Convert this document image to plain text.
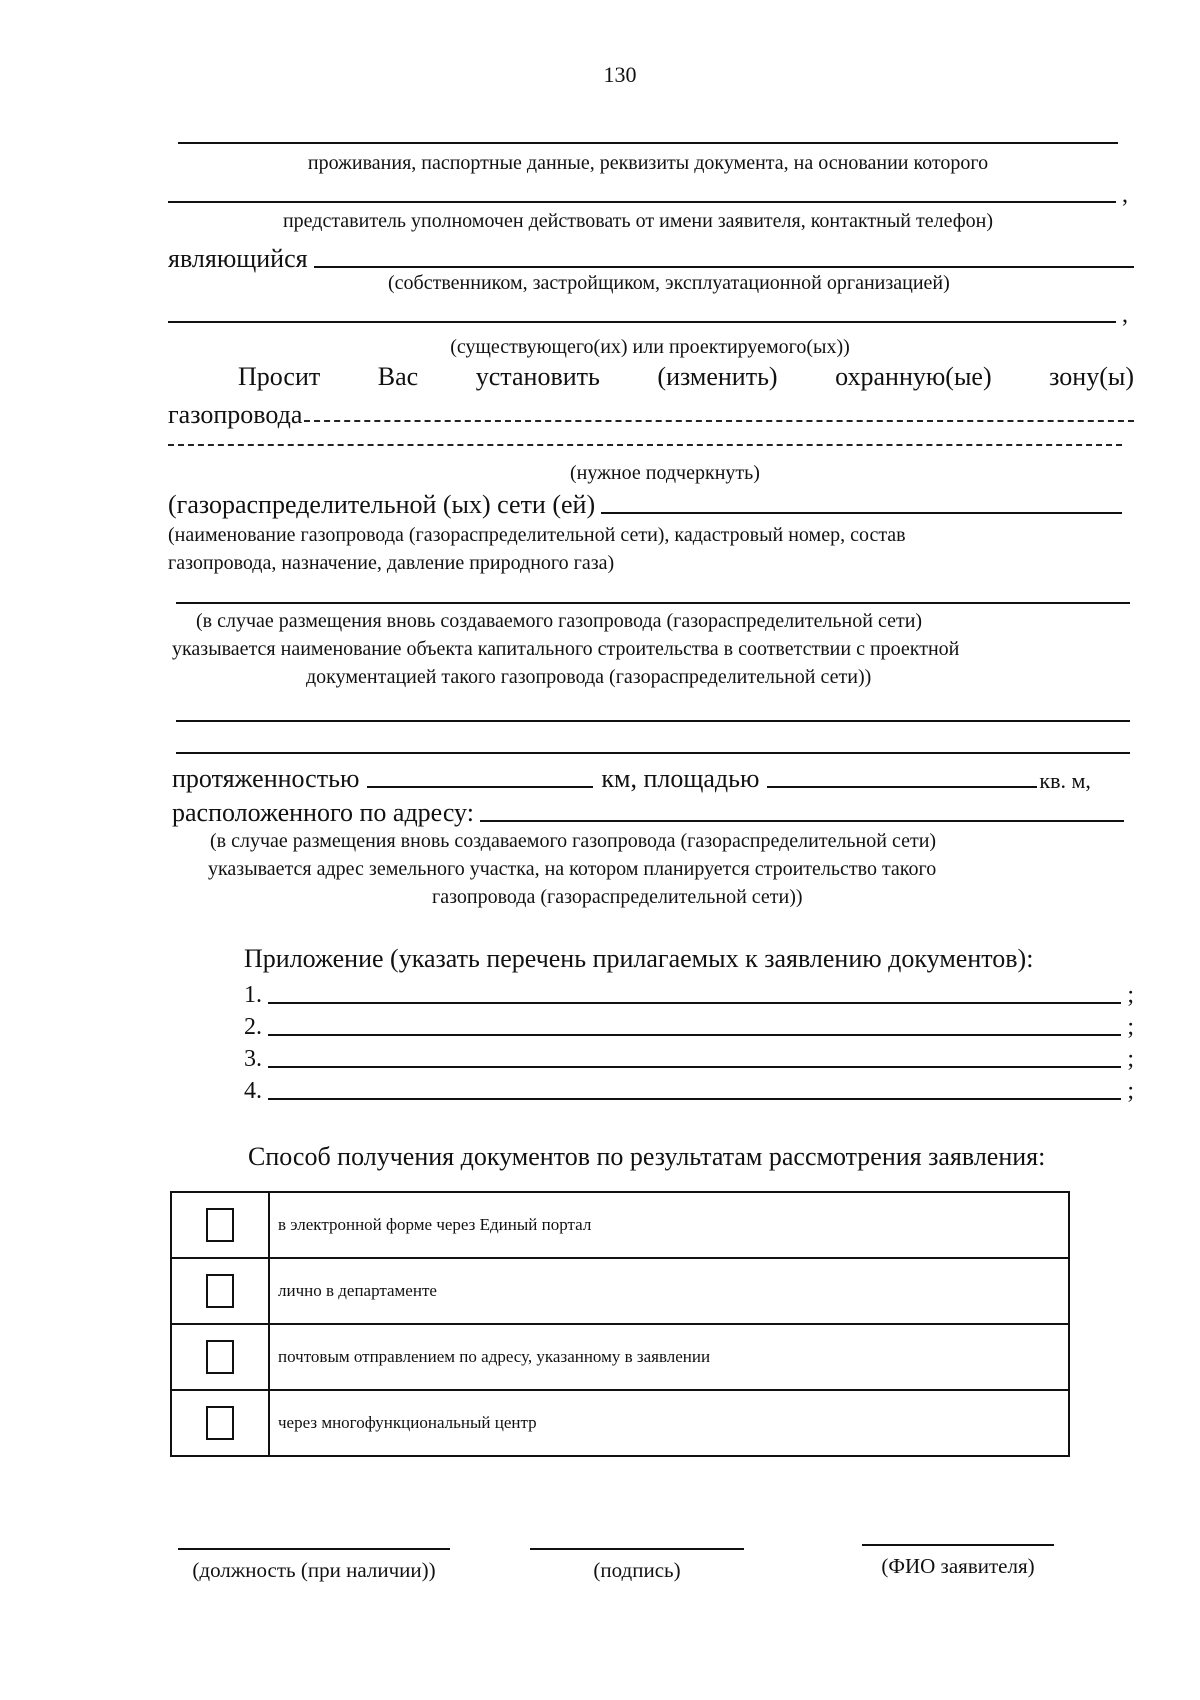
130
проживания, паспортные данные, реквизиты документа, на основании которого
,
представитель уполномочен действовать от имени заявителя, контактный телефон)
являющийся
(собственником, застройщиком, эксплуатационной организацией)
,
(существующего(их) или проектируемого(ых))
Просит Вас установить (изменить) охранную(ые) зону(ы)
газопровода
(нужное подчеркнуть)
(газораспределительной (ых) сети (ей)
(наименование газопровода (газораспределительной сети), кадастровый номер, состав
газопровода, назначение, давление природного газа)
(в случае размещения вновь создаваемого газопровода (газораспределительной сети)
указывается наименование объекта капитального строительства в соответствии с проектной
документацией такого газопровода (газораспределительной сети))
протяженностью	км, площадью	кв. м,
расположенного по адресу:
(в случае размещения вновь создаваемого газопровода (газораспределительной сети)
указывается адрес земельного участка, на котором планируется строительство такого
газопровода (газораспределительной сети))
Приложение (указать перечень прилагаемых к заявлению документов):
1.	;
2.	;
3.	;
4.	;
Способ получения документов по результатам рассмотрения заявления:
	в электронной форме через Единый портал
	лично в департаменте
	почтовым отправлением по адресу, указанному в заявлении
	через многофункциональный центр
(должность (при наличии))	(подпись)	(ФИО заявителя)
